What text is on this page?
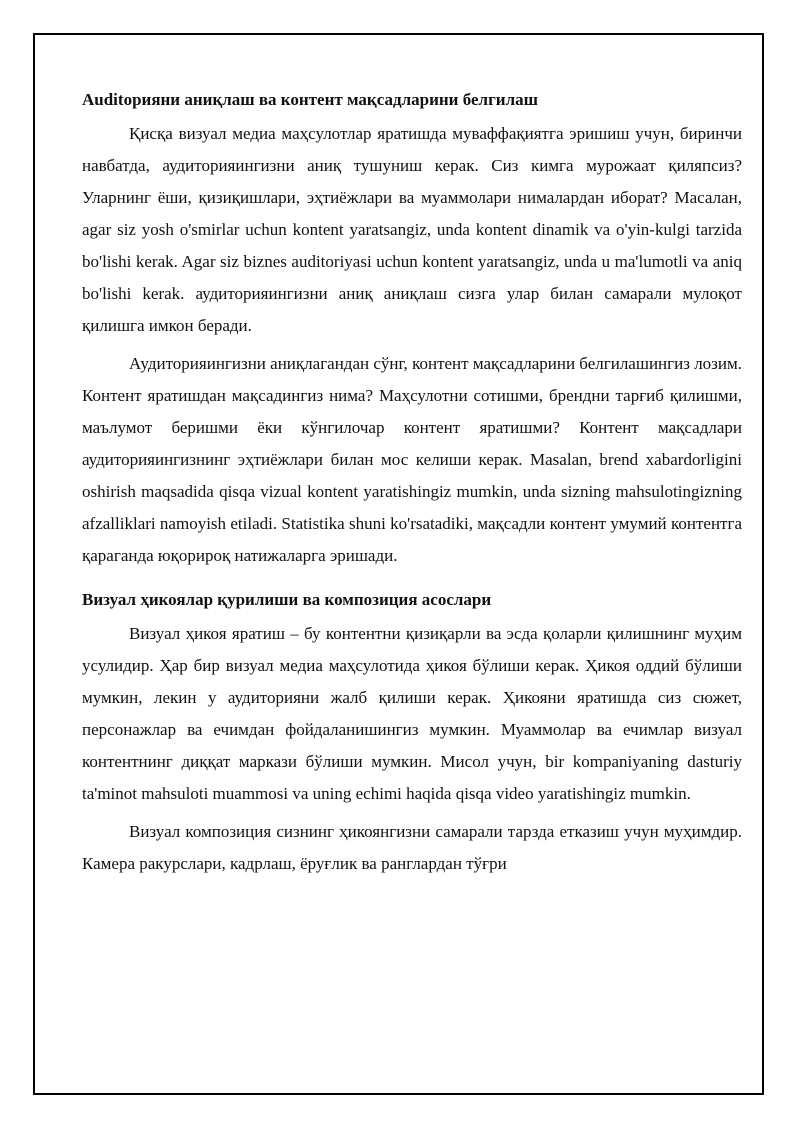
Auditорияни аниқлаш ва контент мақсадларини белгилаш

Қисқа визуал медиа маҳсулотлар яратишда муваффақиятга эришиш учун, биринчи навбатда, аудиторияингизни аниқ тушуниш керак. Сиз кимга мурожаат қиляпсиз? Уларнинг ёши, қизиқишлари, эҳтиёжлари ва муаммолари нималардан иборат? Масалан, agar siz yosh o'smirlar uchun kontent yaratsangiz, unda kontent dinamik va o'yin-kulgi tarzida bo'lishi kerak. Agar siz biznes auditoriyasi uchun kontent yaratsangiz, unda u ma'lumotli va aniq bo'lishi kerak. аудиторияингизни аниқ аниқлаш сизга улар билан самарали мулоқот қилишга имкон беради.

Аудиторияингизни аниқлагандан сўнг, контент мақсадларини белгилашингиз лозим. Контент яратишдан мақсадингиз нима? Маҳсулотни сотишми, брендни тарғиб қилишми, маълумот беришми ёки кўнгилочар контент яратишми? Контент мақсадлари аудиторияингизнинг эҳтиёжлари билан мос келиши керак. Masalan, brend xabardorligini oshirish maqsadida qisqa vizual kontent yaratishingiz mumkin, unda sizning mahsulotingizning afzalliklari namoyish etiladi. Statistika shuni ko'rsatadiki, мақсадли контент умумий контентга қараганда юқорироқ натижаларга эришади.

Визуал ҳикоялар қурилиши ва композиция асослари

Визуал ҳикоя яратиш – бу контентни қизиқарли ва эсда қоларли қилишнинг муҳим усулидир. Ҳар бир визуал медиа маҳсулотида ҳикоя бўлиши керак. Ҳикоя оддий бўлиши мумкин, лекин у аудиторияни жалб қилиши керак. Ҳикояни яратишда сиз сюжет, персонажлар ва ечимдан фойдаланишингиз мумкин. Муаммолар ва ечимлар визуал контентнинг диққат маркази бўлиши мумкин. Мисол учун, bir kompaniyaning dasturiy ta'minot mahsuloti muammosi va uning echimi haqida qisqa video yaratishingiz mumkin.

Визуал композиция сизнинг ҳикоянгизни самарали тарзда етказиш учун муҳимдир. Камера ракурслари, кадрлаш, ёруғлик ва ранглардан тўғри
